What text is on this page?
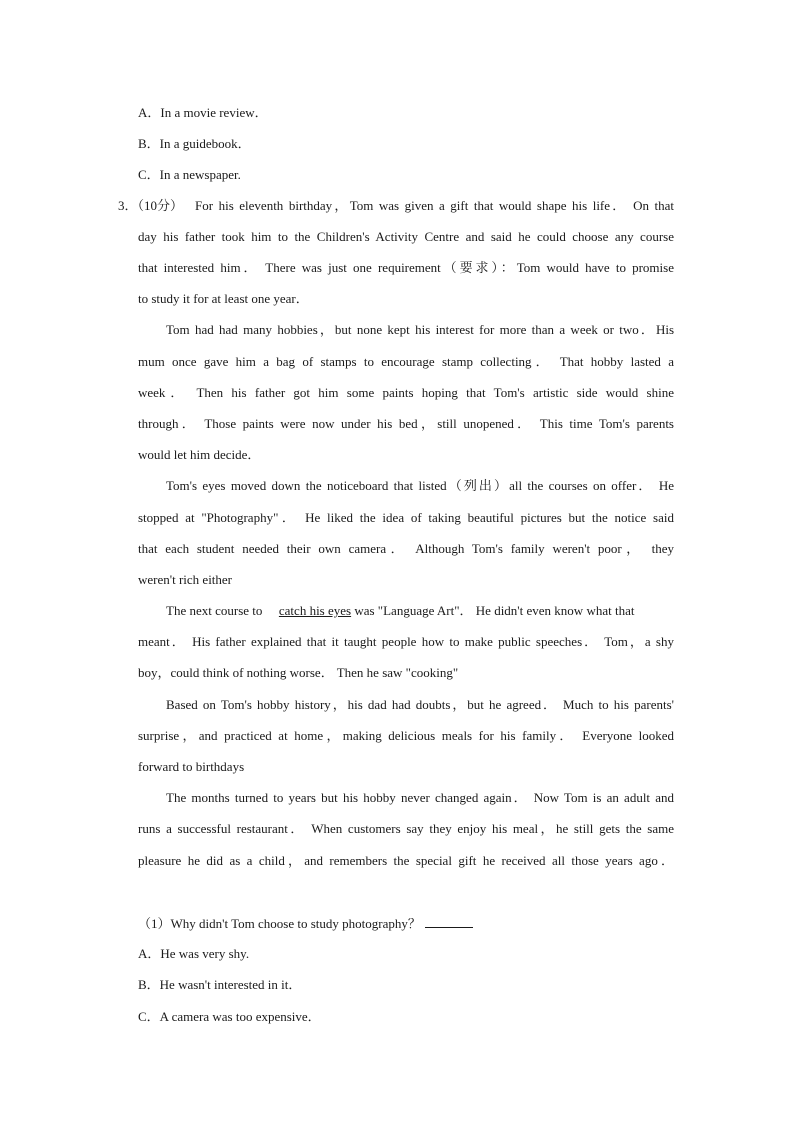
A．In a movie review．
B．In a guidebook．
C．In a newspaper.
3．（10分） For his eleventh birthday，Tom was given a gift that would shape his life． On that
day his father took him to the Children's Activity Centre and said he could choose any course
that interested him． There was just one requirement（要求）：Tom would have to promise
to study it for at least one year．
Tom had had many hobbies，but none kept his interest for more than a week or two．His
mum once gave him a bag of stamps to encourage stamp collecting． That hobby lasted a
week． Then his father got him some paints hoping that Tom's artistic side would shine
through． Those paints were now under his bed，still unopened． This time Tom's parents
would let him decide．
Tom's eyes moved down the noticeboard that listed（列出）all the courses on offer． He
stopped at "Photography"． He liked the idea of taking beautiful pictures but the notice said
that each student needed their own camera． Although Tom's family weren't poor， they
weren't rich either
The next course to catch his eyes was "Language Art"． He didn't even know what that
meant． His father explained that it taught people how to make public speeches． Tom，a shy
boy，could think of nothing worse． Then he saw "cooking"
Based on Tom's hobby history，his dad had doubts，but he agreed． Much to his parents'
surprise，and practiced at home，making delicious meals for his family． Everyone looked
forward to birthdays
The months turned to years but his hobby never changed again． Now Tom is an adult and
runs a successful restaurant． When customers say they enjoy his meal，he still gets the same
pleasure he did as a child，and remembers the special gift he received all those years ago．
（1）Why didn't Tom choose to study photography？
A．He was very shy.
B．He wasn't interested in it．
C．A camera was too expensive．
